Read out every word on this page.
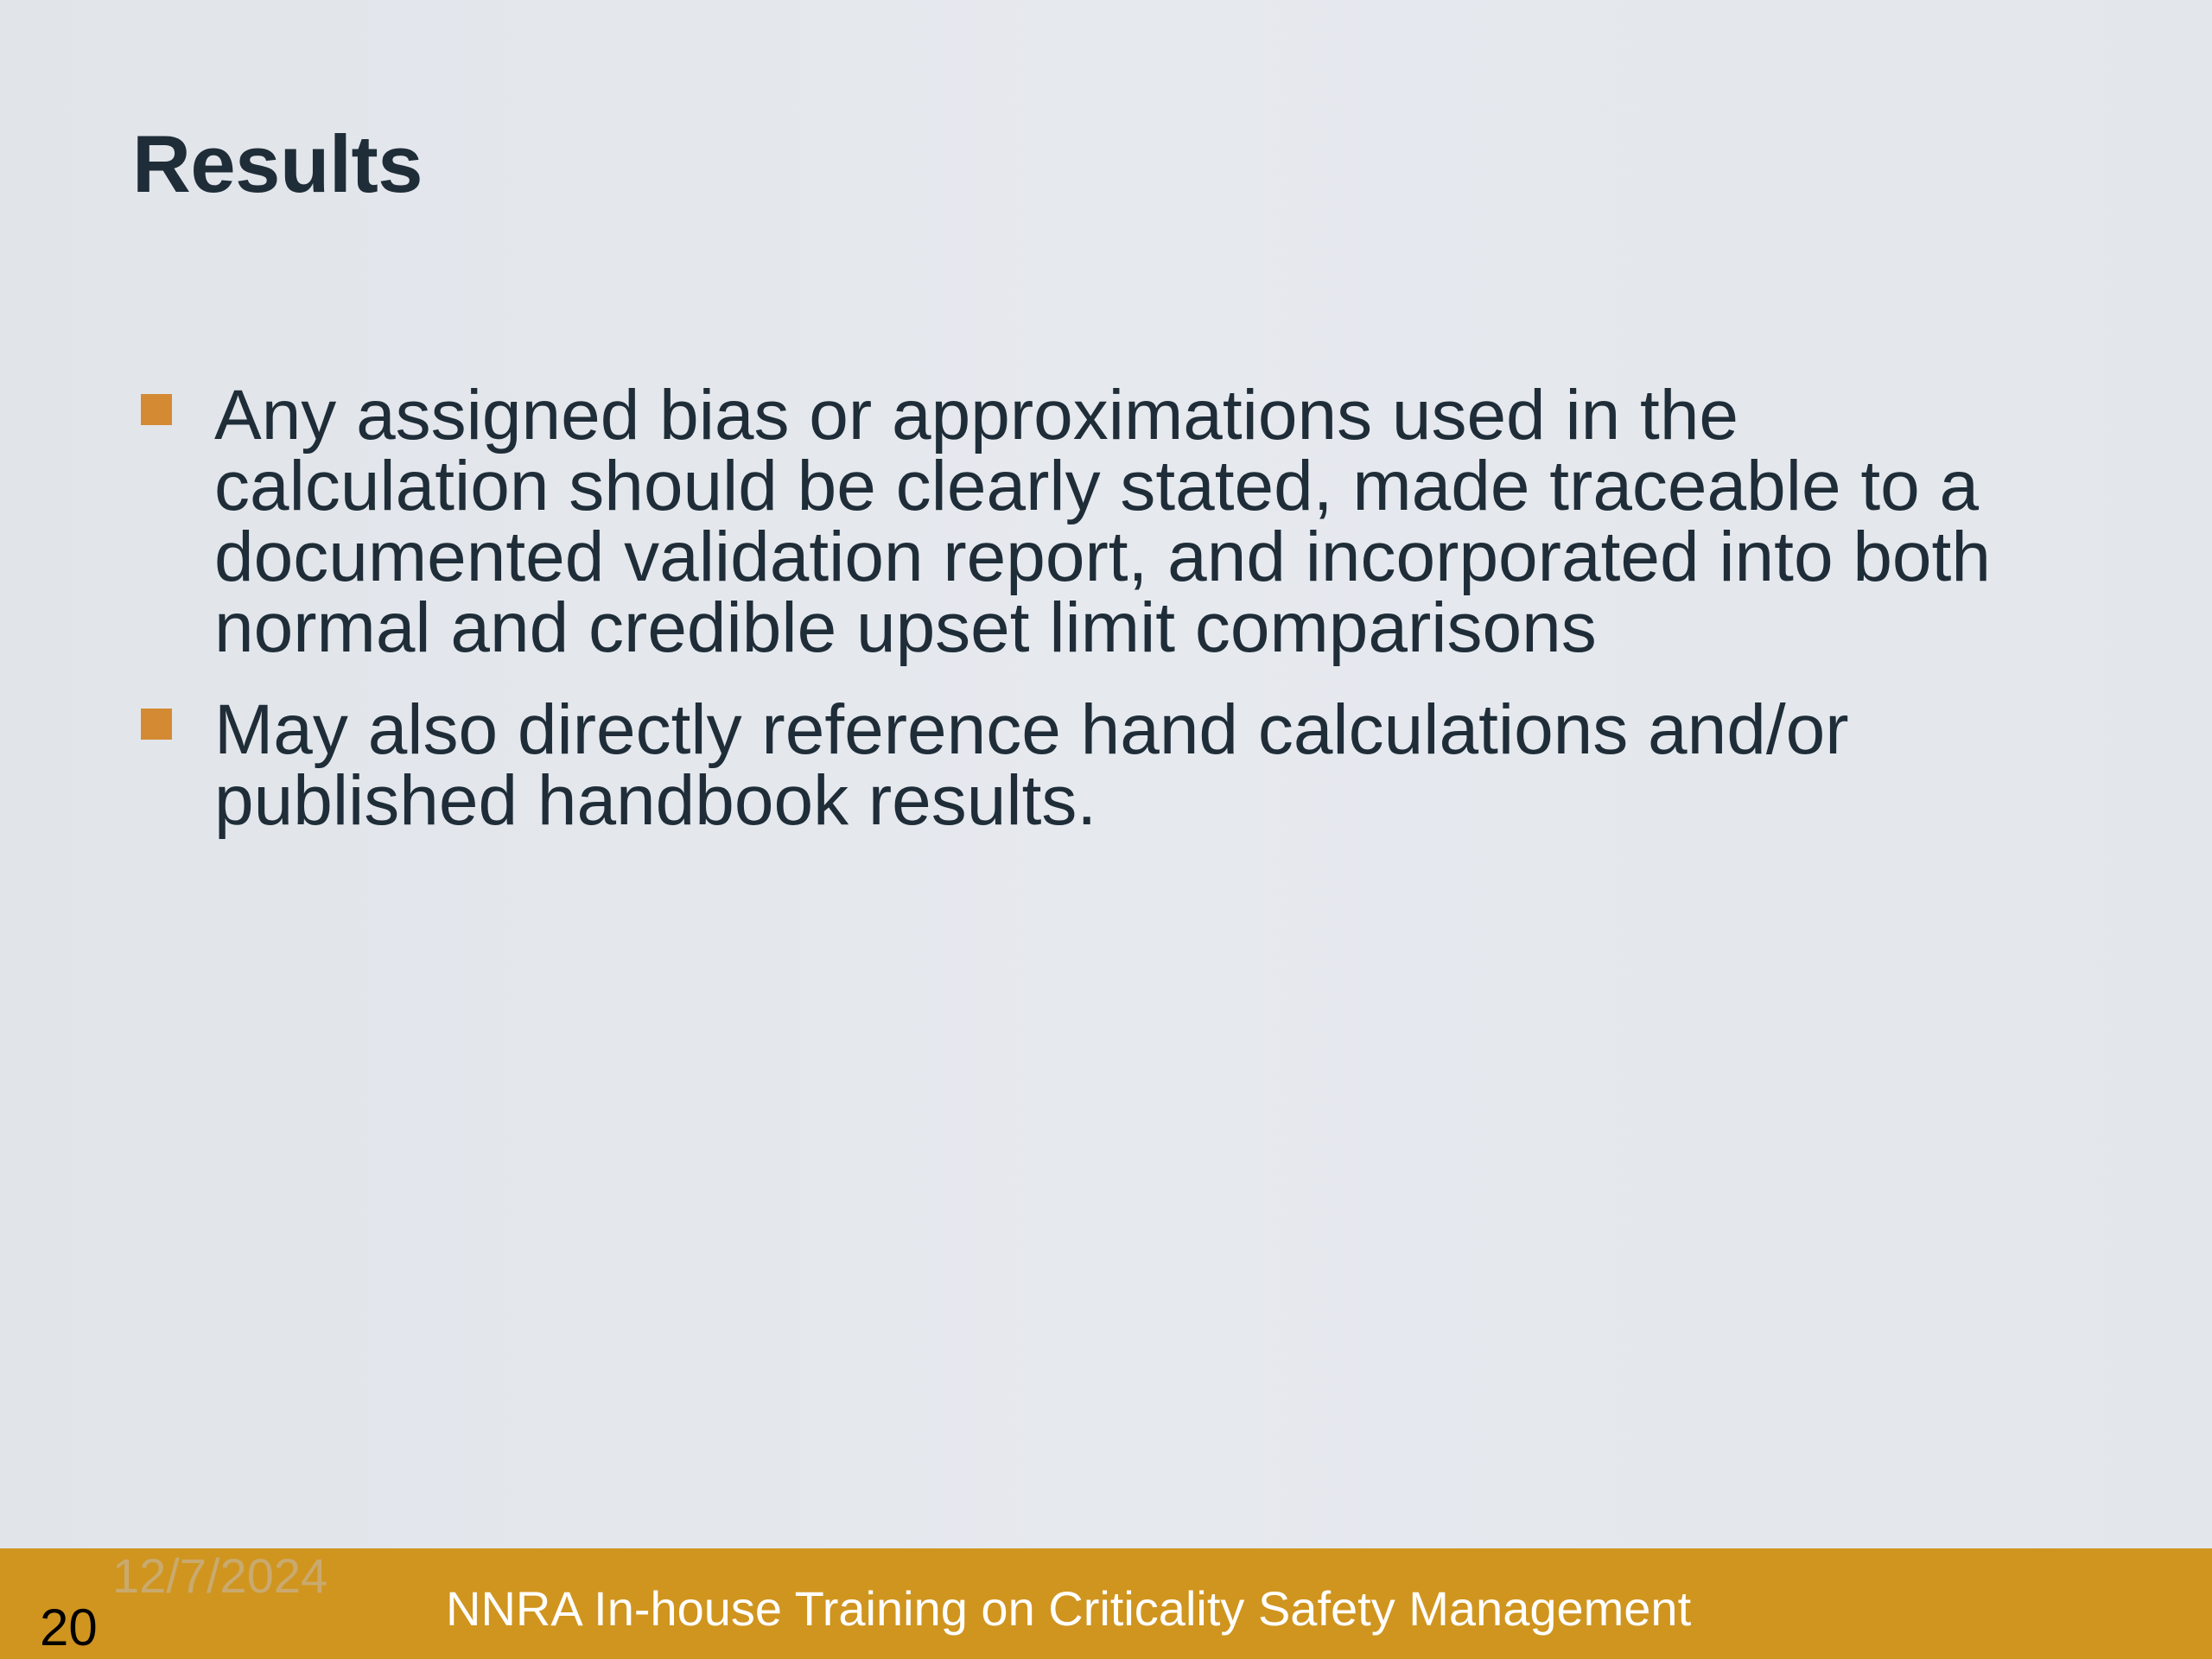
Results
Any assigned bias or approximations used in the calculation should be clearly stated, made traceable to a documented validation report, and incorporated into both normal and credible upset limit comparisons
May also directly reference hand calculations and/or published handbook results.
12/7/2024
NNRA In-house Training on Criticality Safety Management
20
